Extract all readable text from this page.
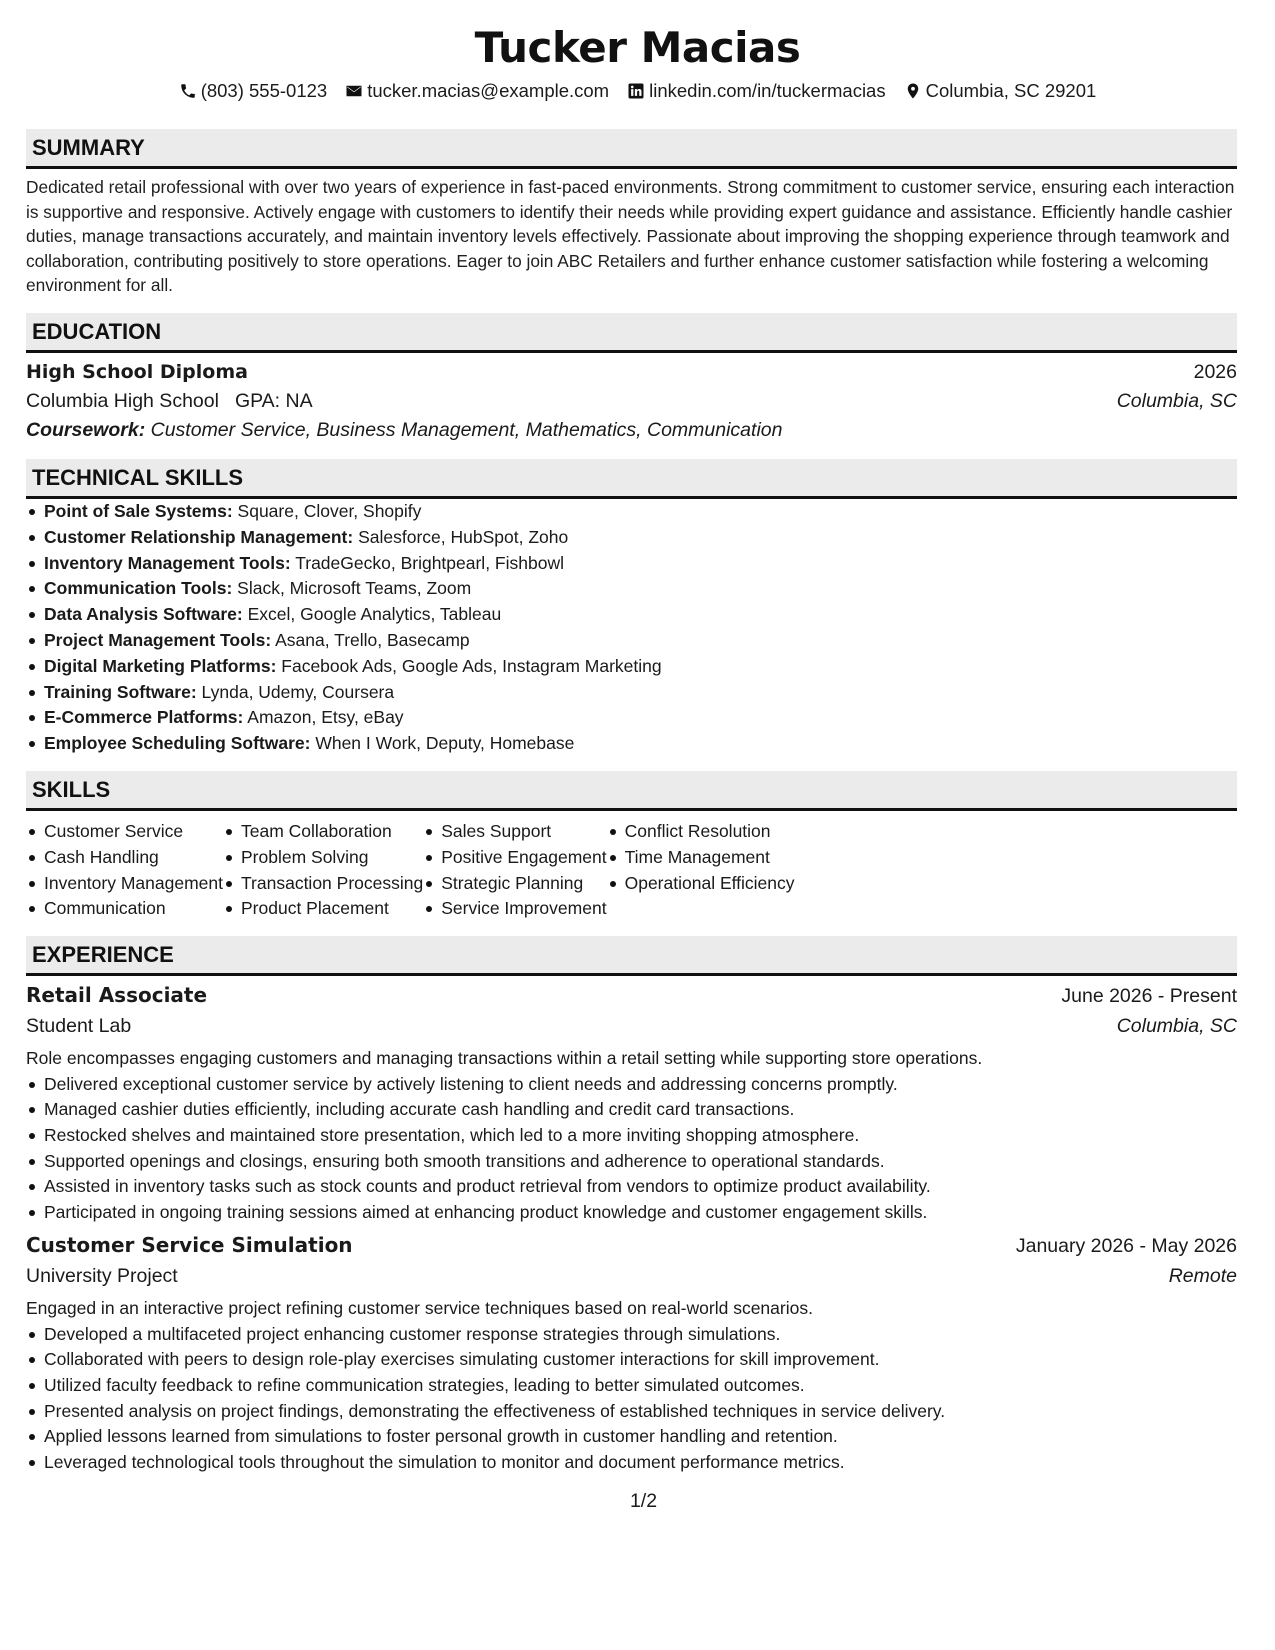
Tucker Macias
(803) 555-0123 tucker.macias@example.com linkedin.com/in/tuckermacias Columbia, SC 29201
SUMMARY
Dedicated retail professional with over two years of experience in fast-paced environments. Strong commitment to customer service, ensuring each interaction is supportive and responsive. Actively engage with customers to identify their needs while providing expert guidance and assistance. Efficiently handle cashier duties, manage transactions accurately, and maintain inventory levels effectively. Passionate about improving the shopping experience through teamwork and collaboration, contributing positively to store operations. Eager to join ABC Retailers and further enhance customer satisfaction while fostering a welcoming environment for all.
EDUCATION
High School Diploma	2026
Columbia High School GPA: NA	Columbia, SC
Coursework: Customer Service, Business Management, Mathematics, Communication
TECHNICAL SKILLS
Point of Sale Systems: Square, Clover, Shopify
Customer Relationship Management: Salesforce, HubSpot, Zoho
Inventory Management Tools: TradeGecko, Brightpearl, Fishbowl
Communication Tools: Slack, Microsoft Teams, Zoom
Data Analysis Software: Excel, Google Analytics, Tableau
Project Management Tools: Asana, Trello, Basecamp
Digital Marketing Platforms: Facebook Ads, Google Ads, Instagram Marketing
Training Software: Lynda, Udemy, Coursera
E-Commerce Platforms: Amazon, Etsy, eBay
Employee Scheduling Software: When I Work, Deputy, Homebase
SKILLS
Customer Service
Cash Handling
Inventory Management
Communication
Team Collaboration
Problem Solving
Transaction Processing
Product Placement
Sales Support
Positive Engagement
Strategic Planning
Service Improvement
Conflict Resolution
Time Management
Operational Efficiency
EXPERIENCE
Retail Associate	June 2026 - Present
Student Lab	Columbia, SC
Role encompasses engaging customers and managing transactions within a retail setting while supporting store operations.
Delivered exceptional customer service by actively listening to client needs and addressing concerns promptly.
Managed cashier duties efficiently, including accurate cash handling and credit card transactions.
Restocked shelves and maintained store presentation, which led to a more inviting shopping atmosphere.
Supported openings and closings, ensuring both smooth transitions and adherence to operational standards.
Assisted in inventory tasks such as stock counts and product retrieval from vendors to optimize product availability.
Participated in ongoing training sessions aimed at enhancing product knowledge and customer engagement skills.
Customer Service Simulation	January 2026 - May 2026
University Project	Remote
Engaged in an interactive project refining customer service techniques based on real-world scenarios.
Developed a multifaceted project enhancing customer response strategies through simulations.
Collaborated with peers to design role-play exercises simulating customer interactions for skill improvement.
Utilized faculty feedback to refine communication strategies, leading to better simulated outcomes.
Presented analysis on project findings, demonstrating the effectiveness of established techniques in service delivery.
Applied lessons learned from simulations to foster personal growth in customer handling and retention.
Leveraged technological tools throughout the simulation to monitor and document performance metrics.
1/2
